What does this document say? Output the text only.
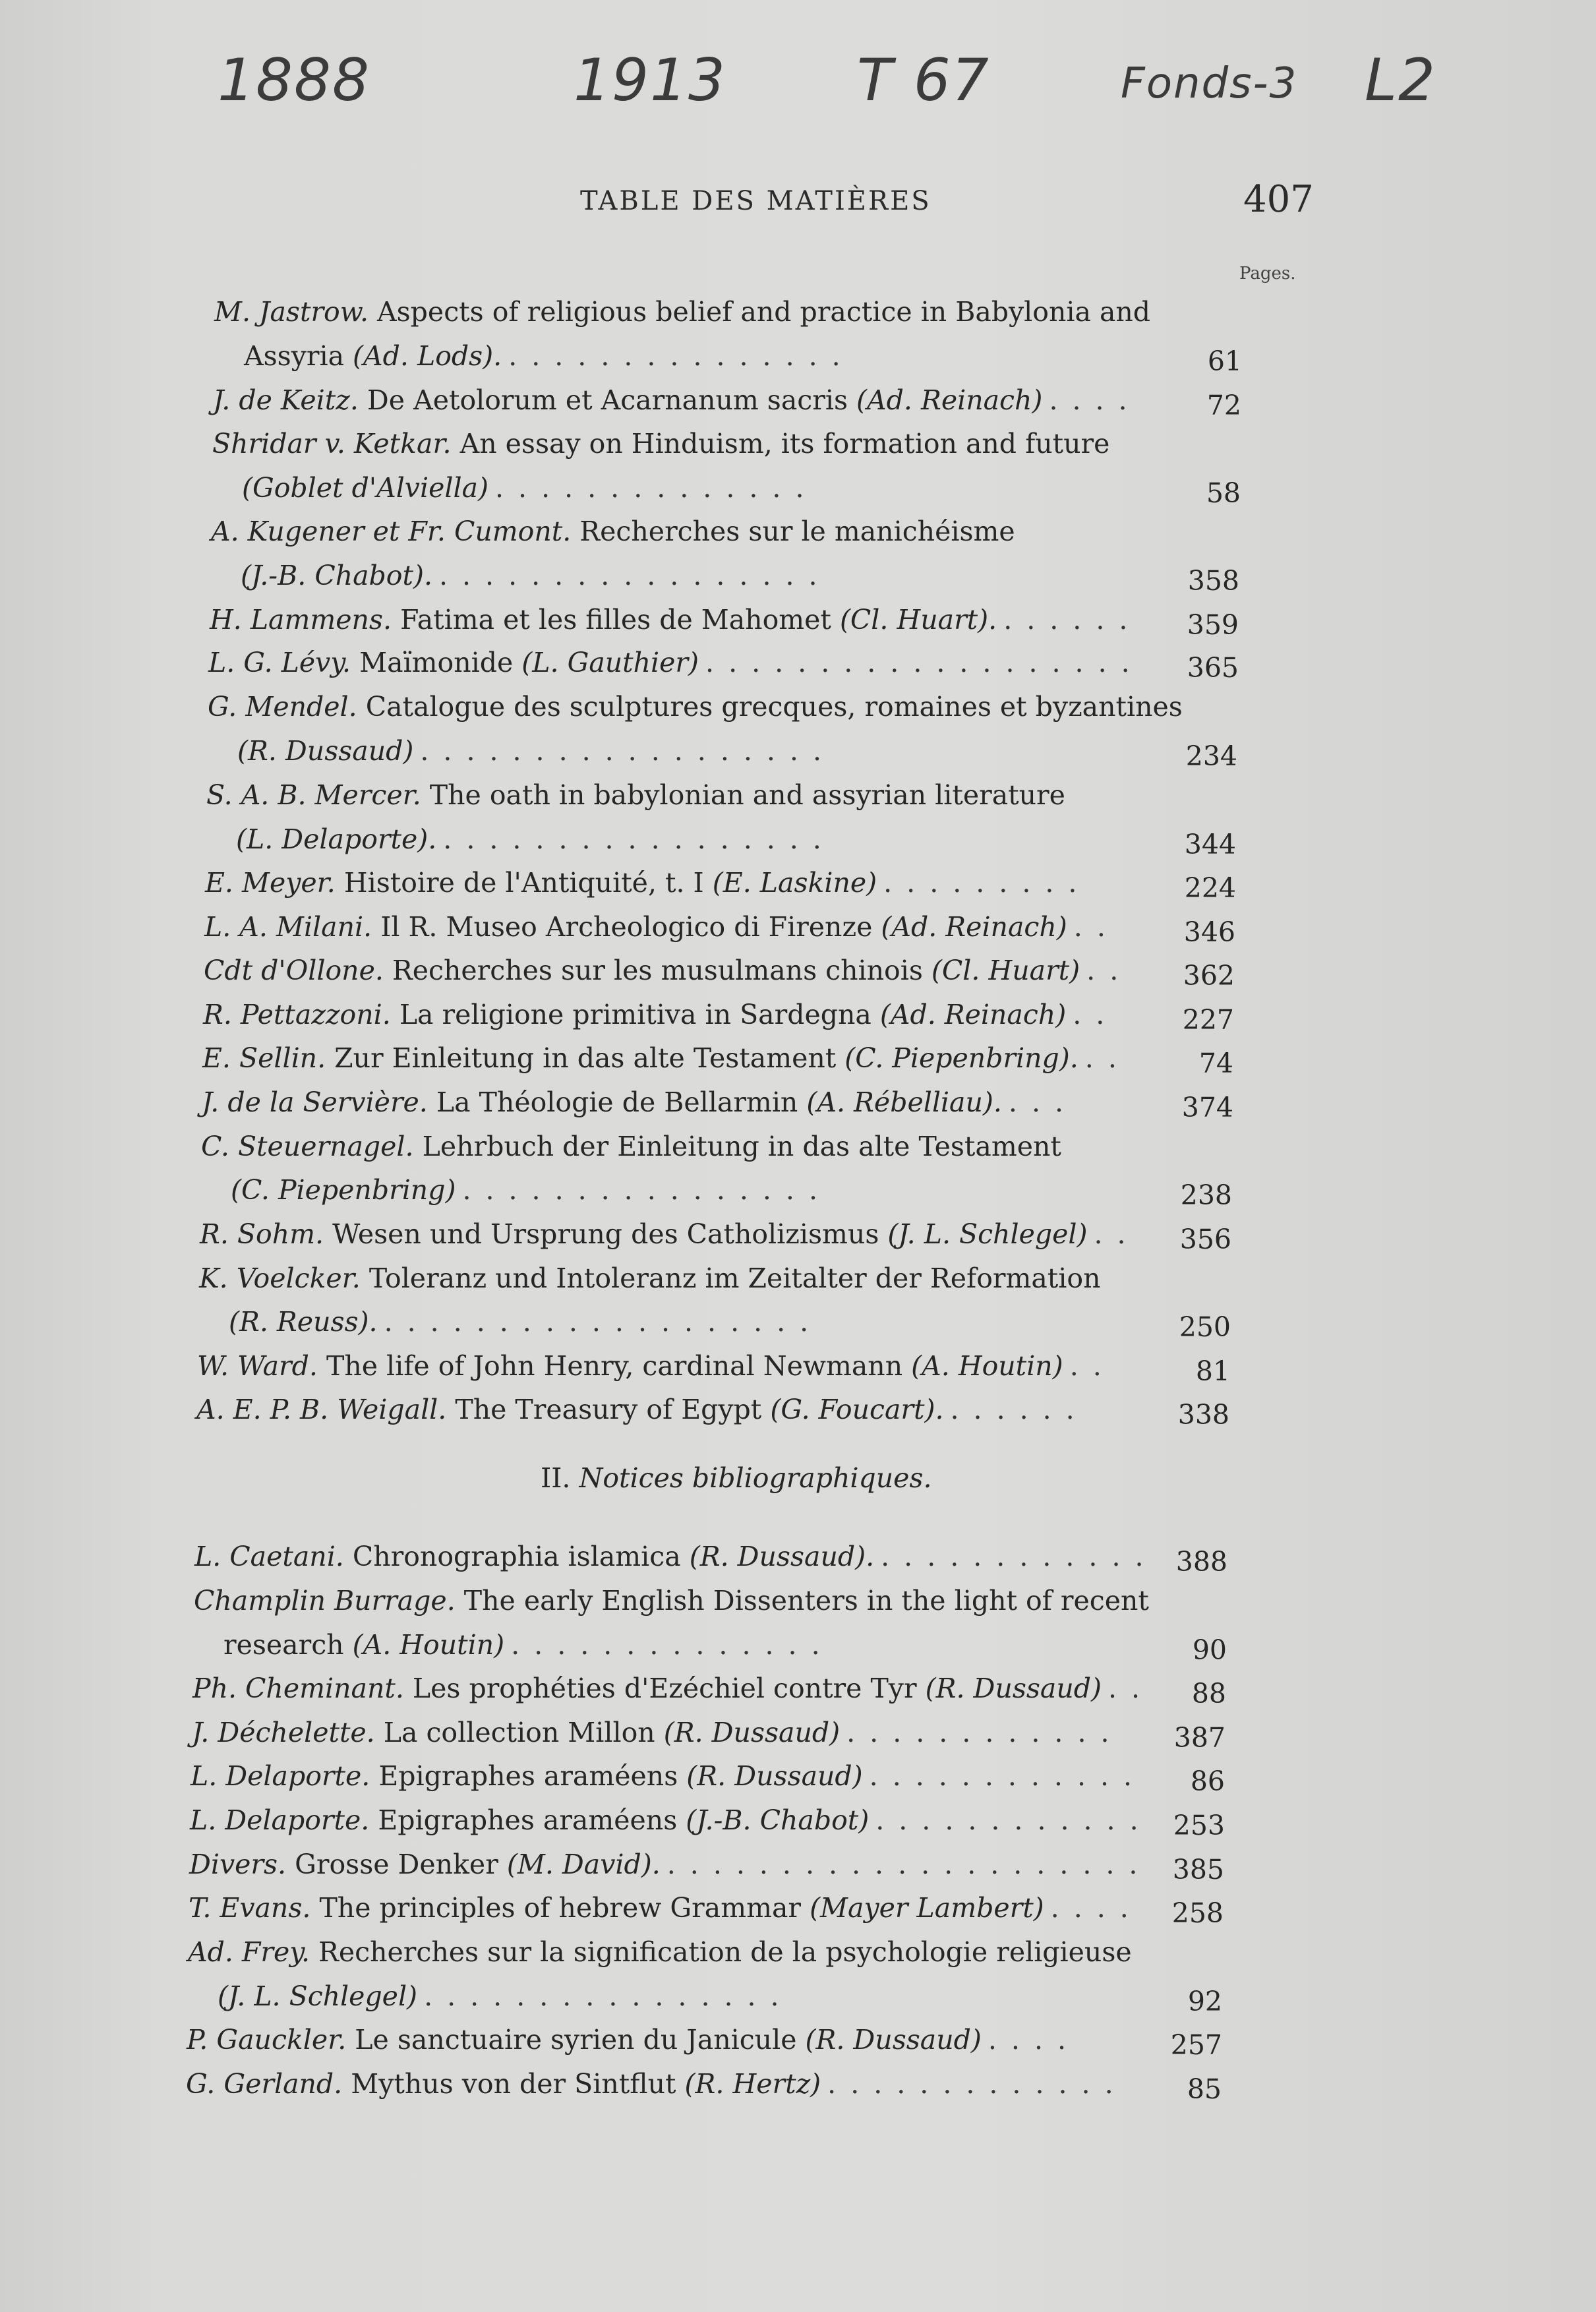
1888	1913 T 67	Fonds-3 L2
TABLE DES MATIÈRES	407
Pages.
II. Notices bibliographiques.
M. Jastrow. Aspects of religious belief and practice in Babylonia and
Assyria (Ad. Lods). ...............	61
J. de Keitz. De Aetolorum et Acarnanum sacris (Ad. Reinach) ....	72
Shridar v. Ketkar. An essay on Hinduism, its formation and future
(Goblet d'Alviella) ..............	58
A. Kugener et Fr. Cumont. Recherches sur le manichéisme
(J.-B. Chabot). .................	358
H. Lammens. Fatima et les filles de Mahomet (Cl. Huart). ......	359
L. G. Lévy. Maïmonide (L. Gauthier) ...................	365
G. Mendel. Catalogue des sculptures grecques, romaines et byzantines
(R. Dussaud) ..................	234
S. A. B. Mercer. The oath in babylonian and assyrian literature
(L. Delaporte). .................	344
E. Meyer. Histoire de l'Antiquité, t. I (E. Laskine) .........	224
L. A. Milani. Il R. Museo Archeologico di Firenze (Ad. Reinach) ..	346
Cdt d'Ollone. Recherches sur les musulmans chinois (Cl. Huart) ..	362
R. Pettazzoni. La religione primitiva in Sardegna (Ad. Reinach) ..	227
E. Sellin. Zur Einleitung in das alte Testament (C. Piepenbring). ..	74
J. de la Servière. La Théologie de Bellarmin (A. Rébelliau). ...	374
C. Steuernagel. Lehrbuch der Einleitung in das alte Testament
(C. Piepenbring) ................	238
R. Sohm. Wesen und Ursprung des Catholizismus (J. L. Schlegel) ..	356
K. Voelcker. Toleranz und Intoleranz im Zeitalter der Reformation
(R. Reuss). ...................	250
W. Ward. The life of John Henry, cardinal Newmann (A. Houtin) ..	81
A. E. P. B. Weigall. The Treasury of Egypt (G. Foucart). ......	338
L. Caetani. Chronographia islamica (R. Dussaud). ............ 388
Champlin Burrage. The early English Dissenters in the light of recent
research (A. Houtin) ..............	90
Ph. Cheminant. Les prophéties d'Ezéchiel contre Tyr (R. Dussaud) ..	88
J. Déchelette. La collection Millon (R. Dussaud) ............	387
L. Delaporte. Epigraphes araméens (R. Dussaud) ............	86
L. Delaporte. Epigraphes araméens (J.-B. Chabot) ............ 253
Divers. Grosse Denker (M. David). ..................... 385
T. Evans. The principles of hebrew Grammar (Mayer Lambert) ....	258
Ad. Frey. Recherches sur la signification de la psychologie religieuse
(J. L. Schlegel) ................	92
P. Gauckler. Le sanctuaire syrien du Janicule (R. Dussaud) ....	257
G. Gerland. Mythus von der Sintflut (R. Hertz) .............	85
